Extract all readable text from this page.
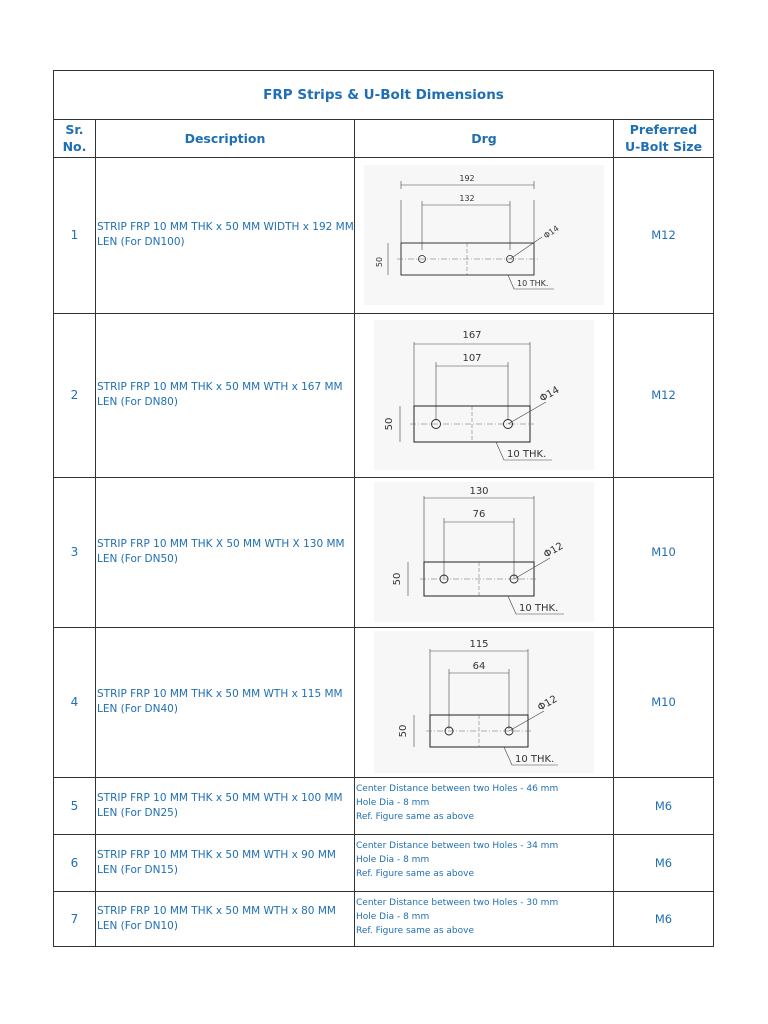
FRP Strips & U-Bolt Dimensions
Sr.
No.
Description	Drg
Preferred
U-Bolt Size
1
STRIP FRP 10 MM THK x 50 MM WIDTH x 192 MM LEN (For DN100)
192
132
Φ14
50
10 THK.
M12
2
STRIP FRP 10 MM THK x 50 MM WTH x 167 MM LEN (For DN80)
167
107
Φ14
50
10 THK.
M12
3
STRIP FRP 10 MM THK X 50 MM WTH X 130 MM LEN (For DN50)
130
76
Φ12
50
10 THK.
M10
4
STRIP FRP 10 MM THK x 50 MM WTH x 115 MM LEN (For DN40)
115
64
Φ12
50
10 THK.
M10
5
STRIP FRP 10 MM THK x 50 MM WTH x 100 MM LEN (For DN25)
Center Distance between two Holes - 46 mm
Hole Dia - 8 mm
Ref. Figure same as above
M6
6
STRIP FRP 10 MM THK x 50 MM WTH x 90 MM LEN (For DN15)
Center Distance between two Holes - 34 mm
Hole Dia - 8 mm
Ref. Figure same as above
M6
7
STRIP FRP 10 MM THK x 50 MM WTH x 80 MM LEN (For DN10)
Center Distance between two Holes - 30 mm
Hole Dia - 8 mm
Ref. Figure same as above
M6
